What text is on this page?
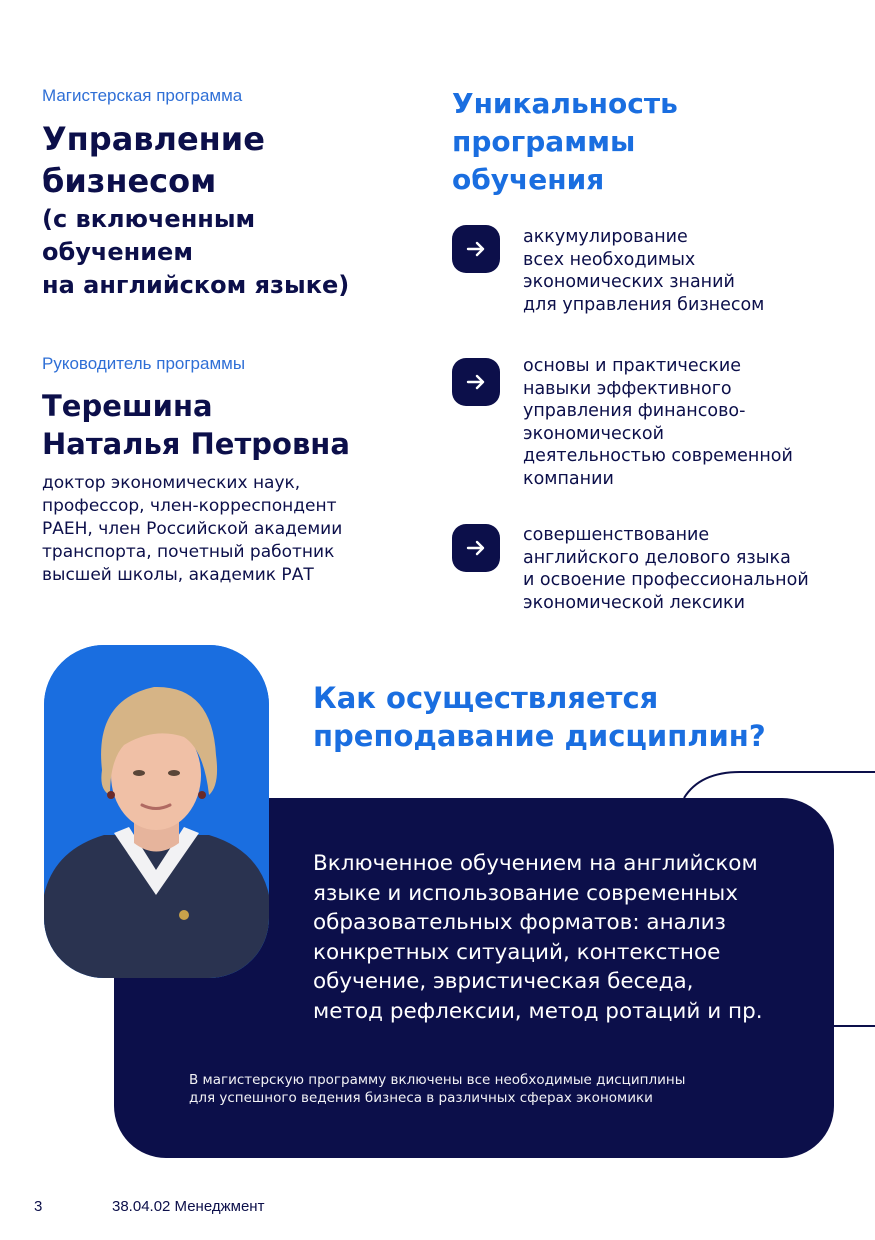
Магистерская программа
Управление
бизнесом
(с включенным
обучением
на английском языке)
Руководитель программы
Терешина
Наталья Петровна
доктор экономических наук,
профессор, член-корреспондент
РАЕН, член Российской академии
транспорта, почетный работник
высшей школы, академик РАТ
Уникальность
программы
обучения
аккумулирование
всех необходимых
экономических знаний
для управления бизнесом
основы и практические
навыки эффективного
управления финансово-
экономической
деятельностью современной
компании
совершенствование
английского делового языка
и освоение профессиональной
экономической лексики
Включенное обучением на английском
языке и использование современных
образовательных форматов: анализ
конкретных ситуаций, контекстное
обучение, эвристическая беседа,
метод рефлексии, метод ротаций и пр.
В магистерскую программу включены все необходимые дисциплины
для успешного ведения бизнеса в различных сферах экономики
Как осуществляется
преподавание дисциплин?
3	38.04.02 Менеджмент
